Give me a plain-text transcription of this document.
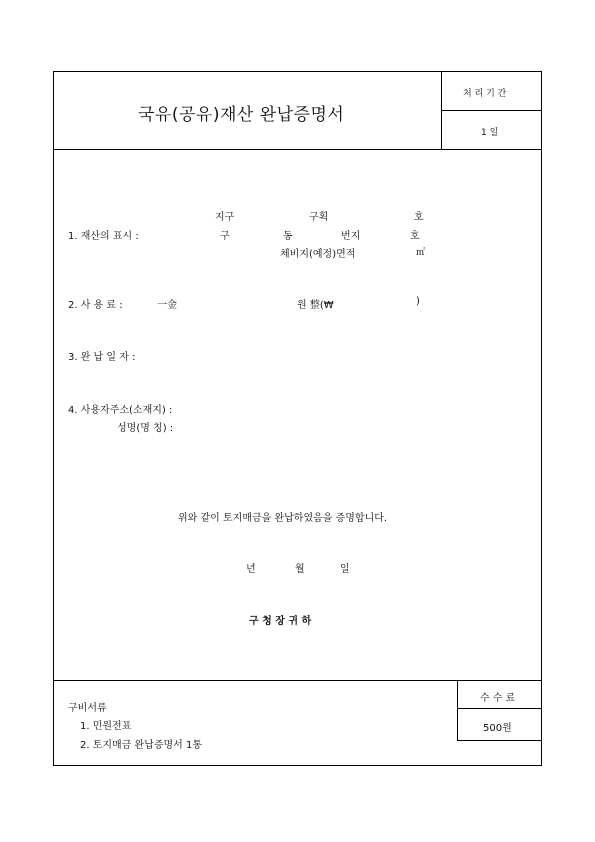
국유(공유)재산 완납증명서
처 리 기 간
1 일
지구	구획	호
1. 재산의 표시 :	구	동	번지	호
체비지(예정)면적	㎡
2. 사 용 료 :	一金	원 整(₩	)
3. 완 납 일 자 :
4. 사용자주소(소재지) :
성명(명 칭) :
위와 같이 토지매금을 완납하였음을 증명합니다.
년	월	일
구 청 장 귀 하
구비서류
1. 민원전표
2. 토지매금 완납증명서 1통
수 수 료
500원
